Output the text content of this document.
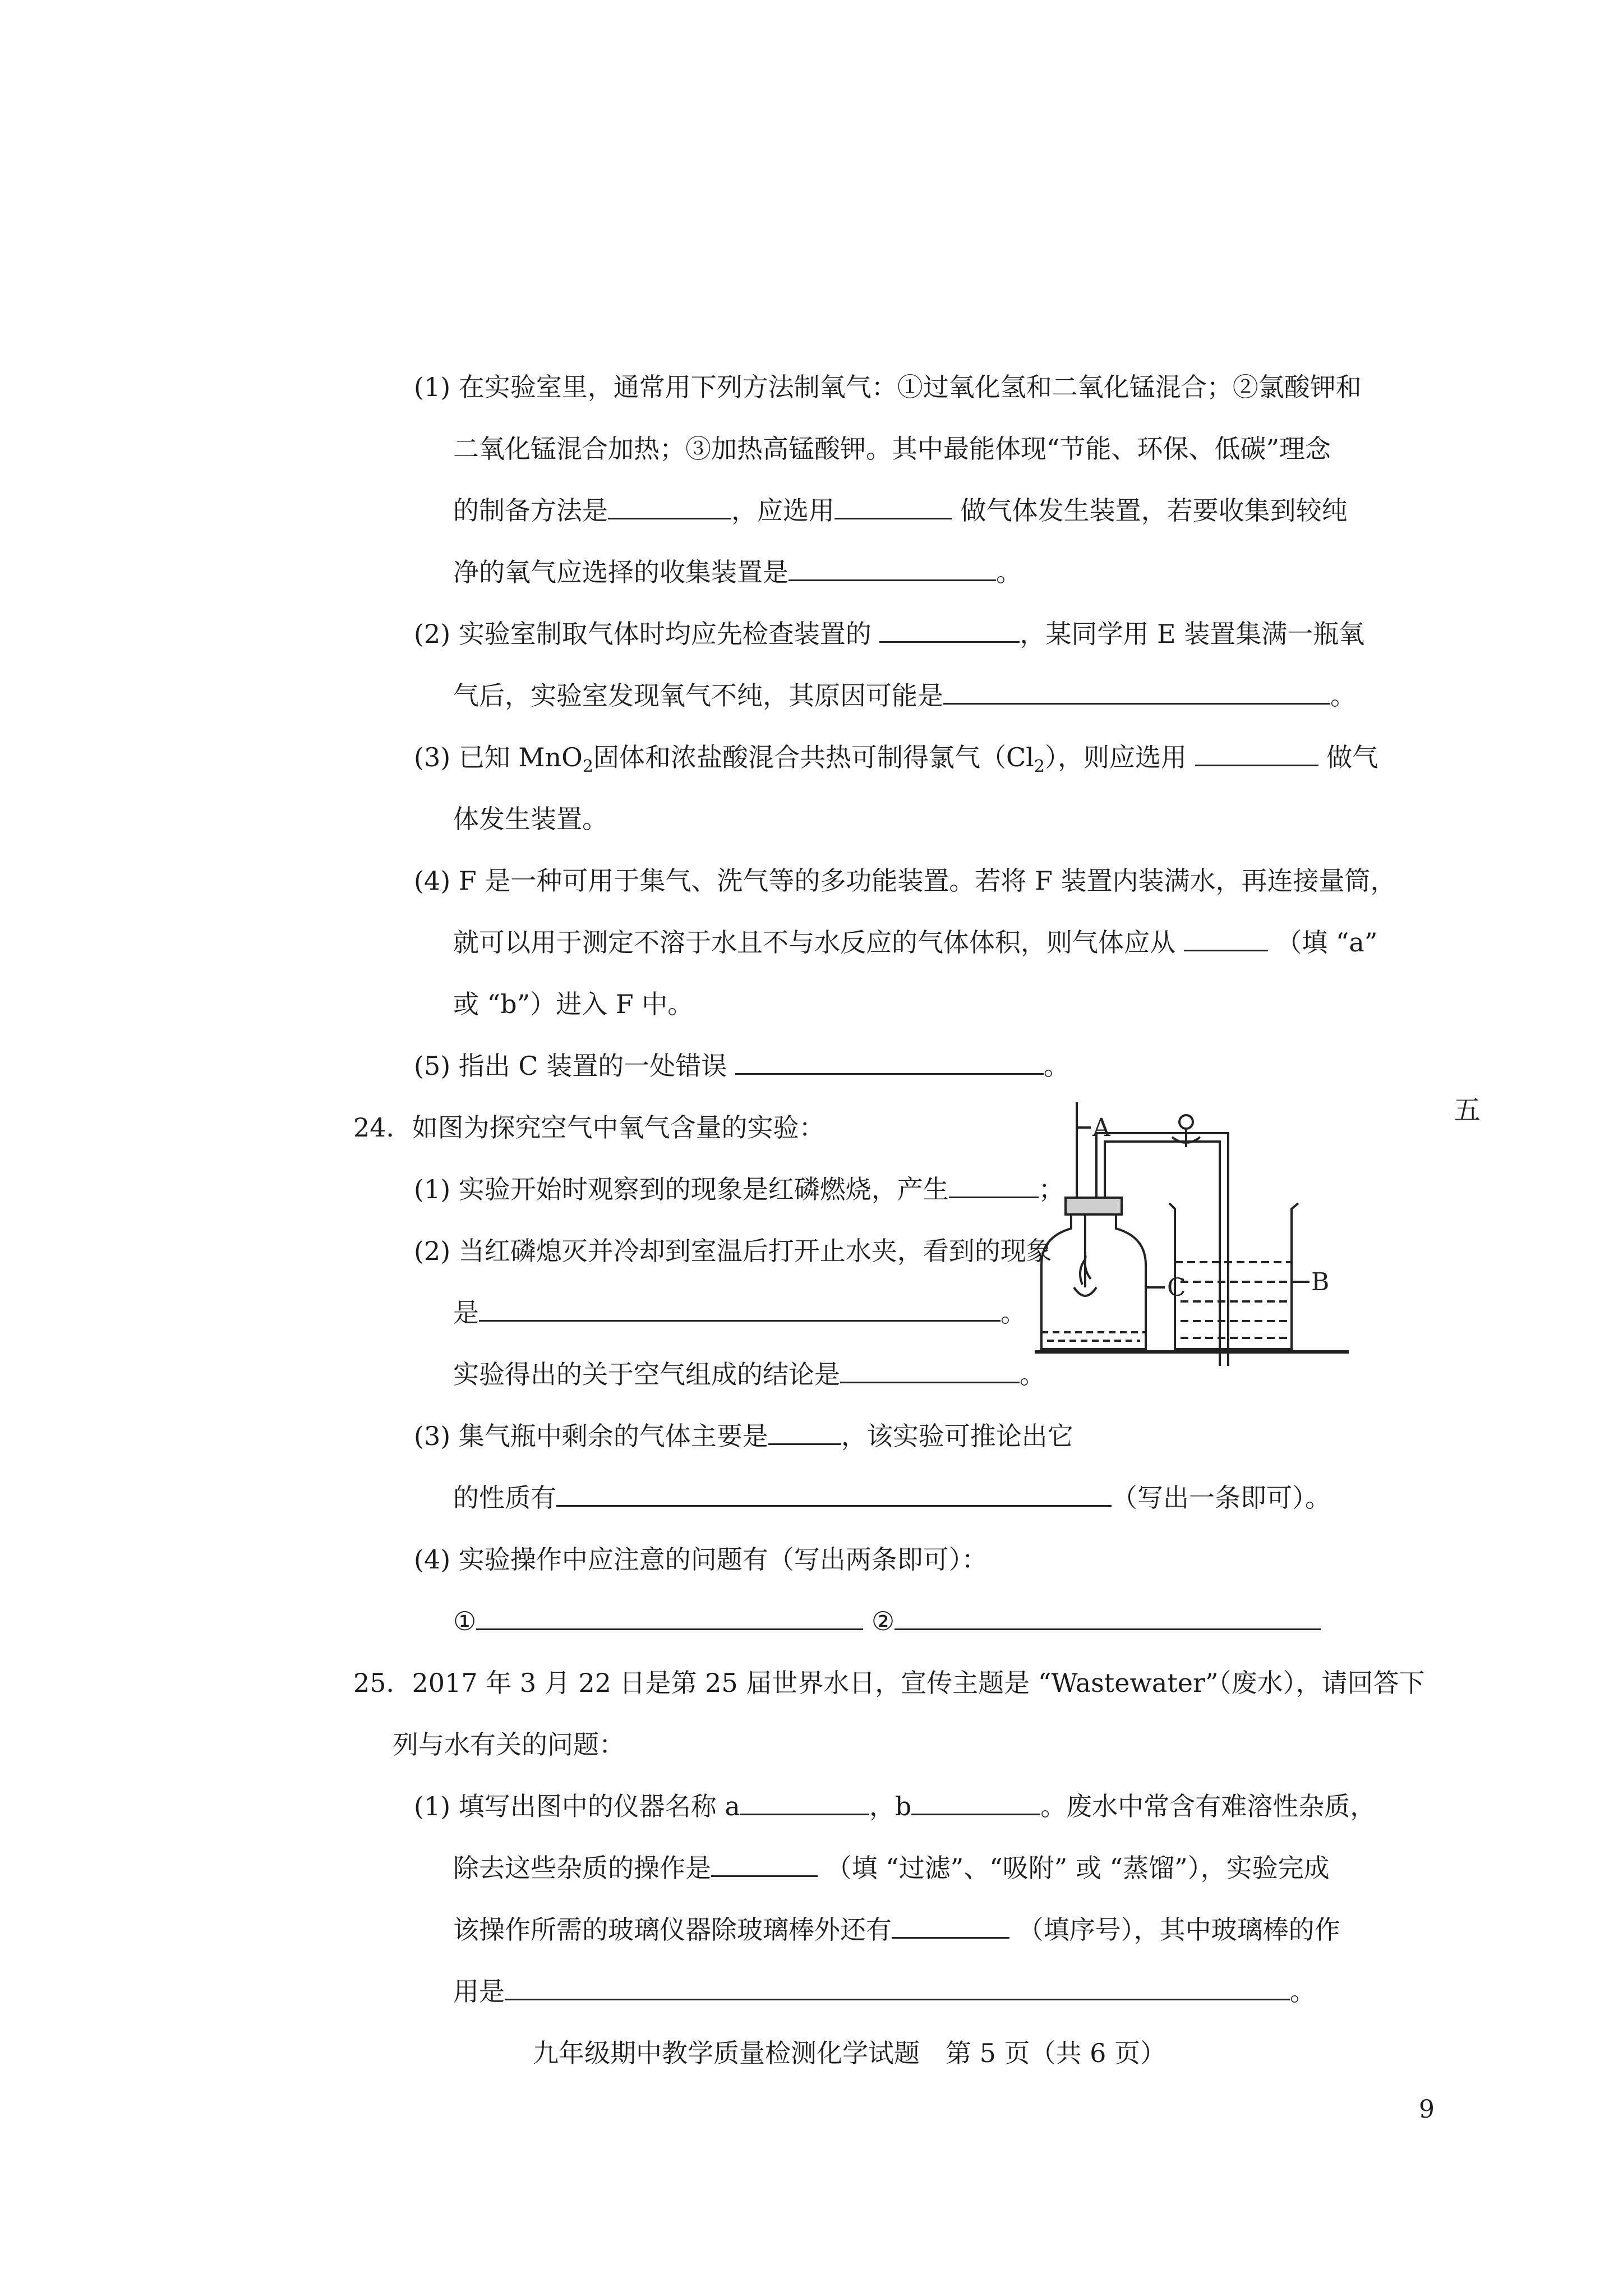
(1) 在实验室里，通常用下列方法制氧气：①过氧化氢和二氧化锰混合；②氯酸钾和
二氧化锰混合加热；③加热高锰酸钾。其中最能体现“节能、环保、低碳”理念
的制备方法是	，应选用	做气体发生装置，若要收集到较纯
净的氧气应选择的收集装置是	。
(2) 实验室制取气体时均应先检查装置的	，某同学用 E 装置集满一瓶氧
气后，实验室发现氧气不纯，其原因可能是	。
(3) 已知 MnO$_2$固体和浓盐酸混合共热可制得氯气$(Cl_2)$，则应选用	做气
体发生装置。
(4) F 是一种可用于集气、洗气等的多功能装置。若将 F 装置内装满水，再连接量筒，
就可以用于测定不溶于水且不与水反应的气体体积，则气体应从	（填 “a”
或 “b”）进入 F 中。
(5) 指出 C 装置的一处错误	。
24．如图为探究空气中氧气含量的实验：
(1) 实验开始时观察到的现象是红磷燃烧，产生	；
(2) 当红磷熄灭并冷却到室温后打开止水夹，看到的现象
是	。
实验得出的关于空气组成的结论是	。
(3) 集气瓶中剩余的气体主要是	，该实验可推论出它
的性质有	（写出一条即可）。
(4) 实验操作中应注意的问题有（写出两条即可）：
①	②
A
C	B
25．2017 年 3 月 22 日是第 25 届世界水日，宣传主题是 “Wastewater”（废水），请回答下
列与水有关的问题：
(1) 填写出图中的仪器名称 a	，b	。废水中常含有难溶性杂质，
除去这些杂质的操作是	（填 “过滤”、“吸附” 或 “蒸馏”），实验完成
该操作所需的玻璃仪器除玻璃棒外还有	（填序号），其中玻璃棒的作
用是	。
九年级期中教学质量检测化学试题　第 5 页（共 6 页）
五
9
